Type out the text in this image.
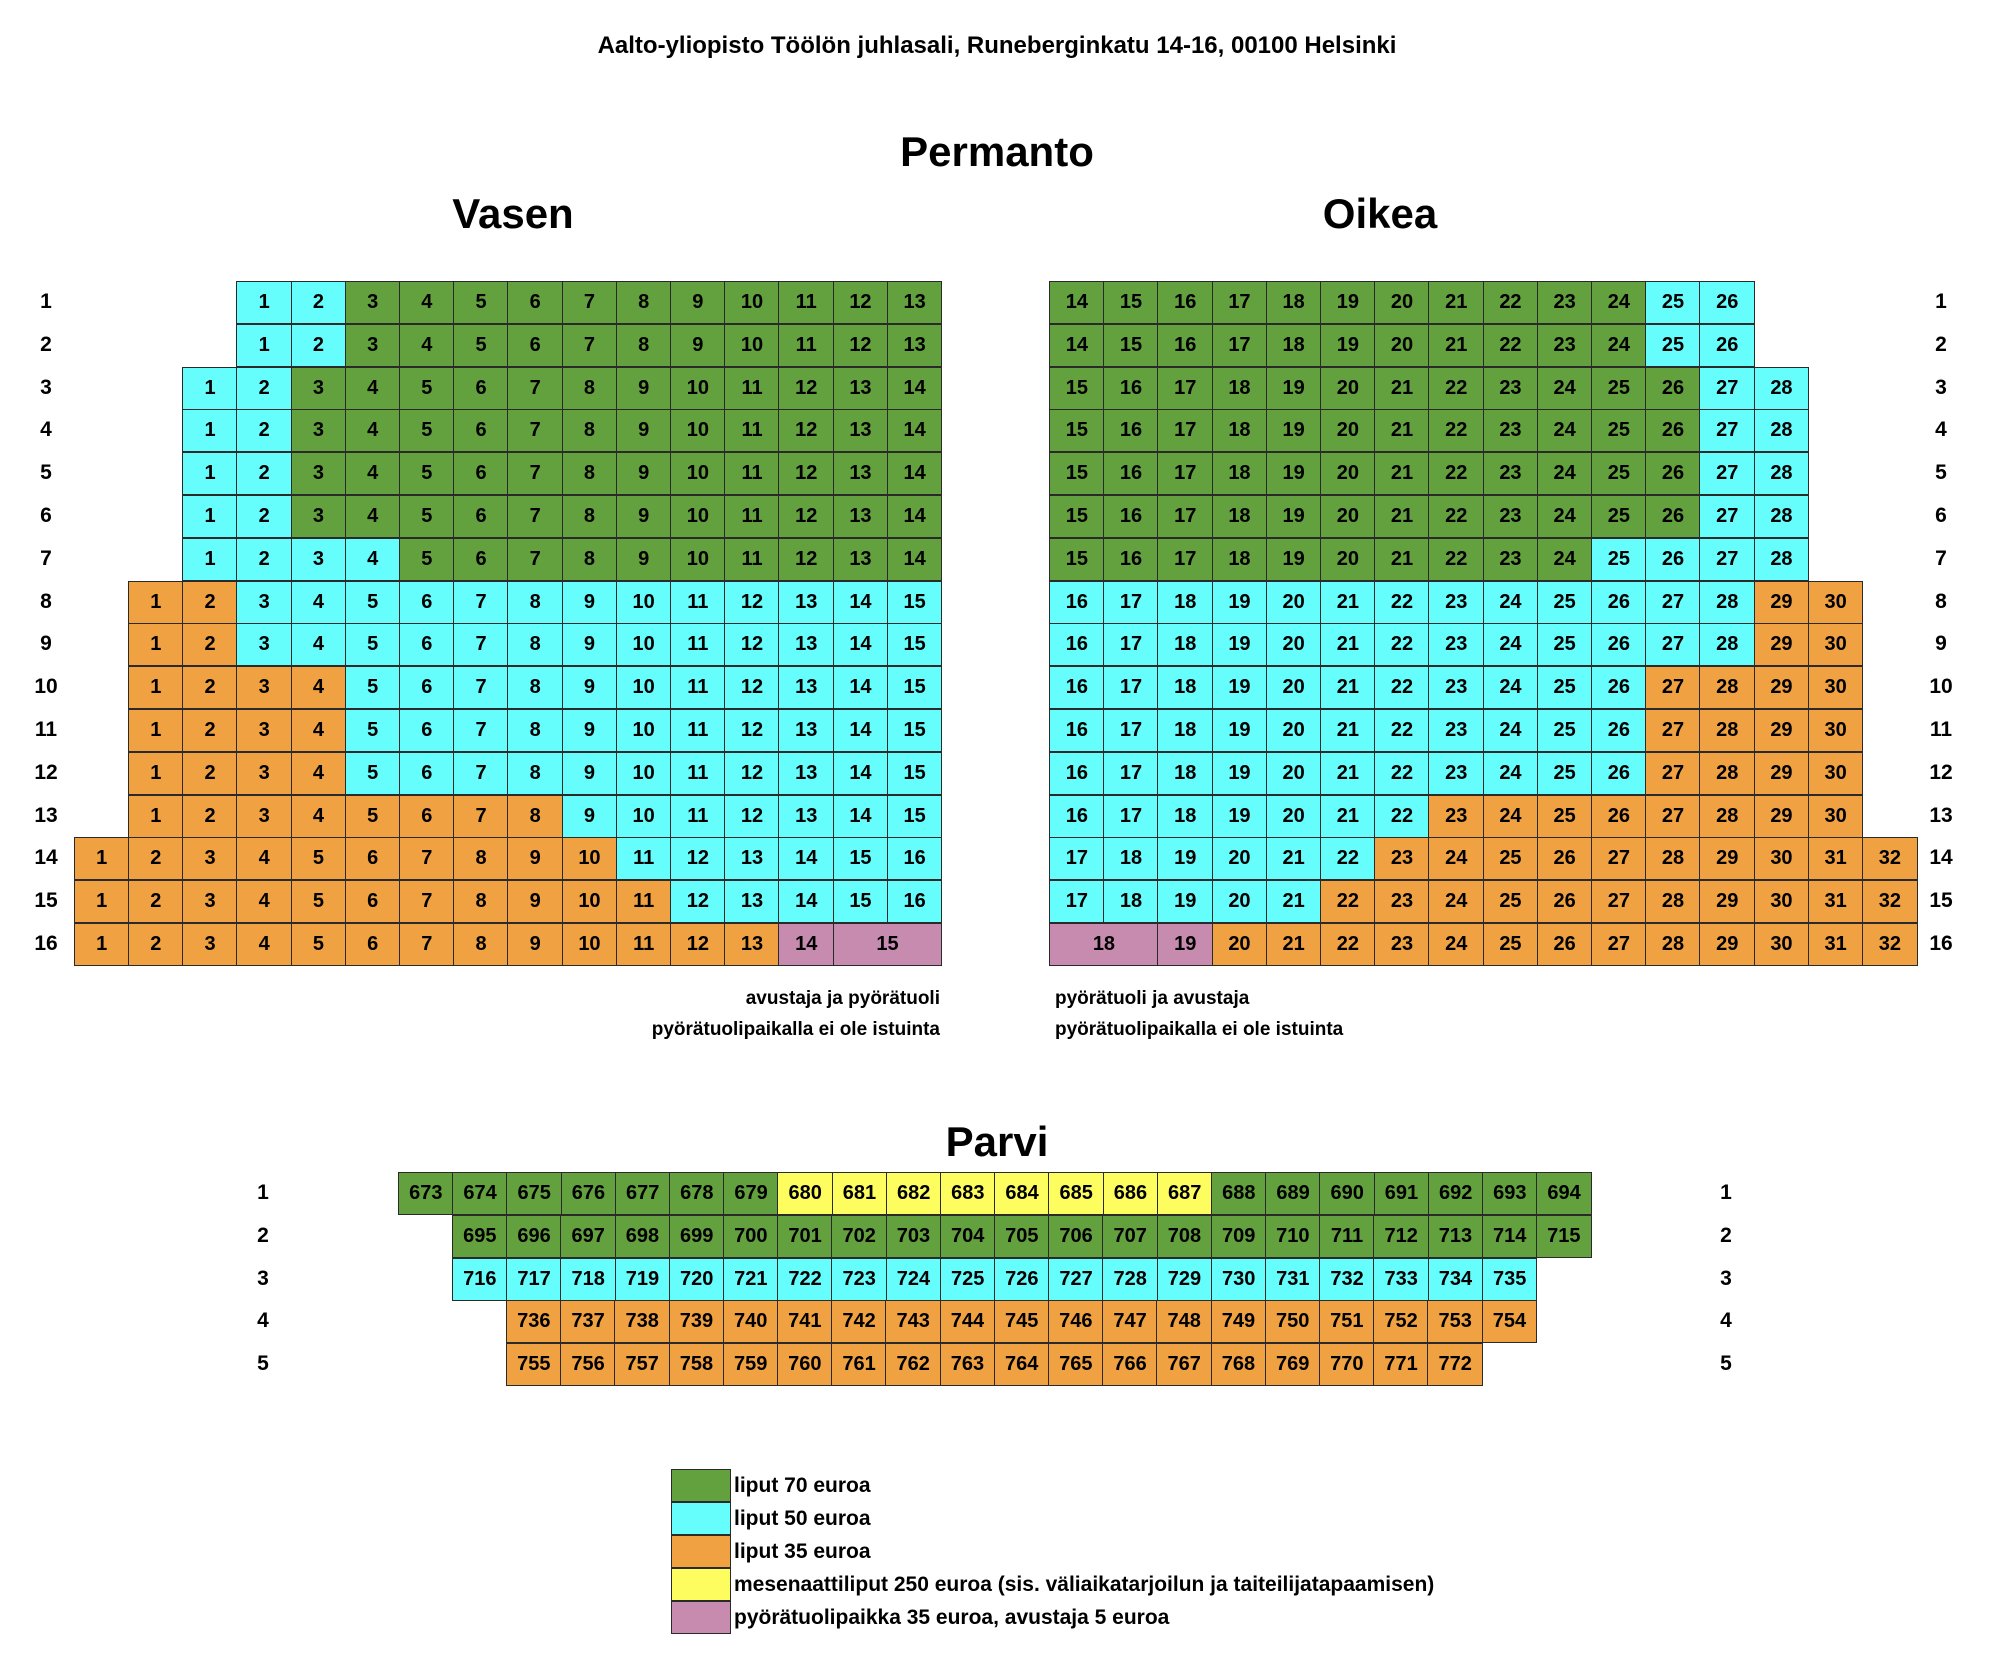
Aalto-yliopisto Töölön juhlasali, Runeberginkatu 14-16, 00100 Helsinki
Permanto
Vasen	Oikea
1	2	3	4	5	6	7	8	9	10	11	12	13
1
1	2	3	4	5	6	7	8	9	10	11	12	13
2
1	2	3	4	5	6	7	8	9	10	11	12	13	14
3
1	2	3	4	5	6	7	8	9	10	11	12	13	14
4
1	2	3	4	5	6	7	8	9	10	11	12	13	14
5
1	2	3	4	5	6	7	8	9	10	11	12	13	14
6
1	2	3	4	5	6	7	8	9	10	11	12	13	14
7
1	2	3	4	5	6	7	8	9	10	11	12	13	14	15
8
1	2	3	4	5	6	7	8	9	10	11	12	13	14	15
9
1	2	3	4	5	6	7	8	9	10	11	12	13	14	15
10
1	2	3	4	5	6	7	8	9	10	11	12	13	14	15
11
1	2	3	4	5	6	7	8	9	10	11	12	13	14	15
12
1	2	3	4	5	6	7	8	9	10	11	12	13	14	15
13
1	2	3	4	5	6	7	8	9	10	11	12	13	14	15	16
14
1	2	3	4	5	6	7	8	9	10	11	12	13	14	15	16
15
1	2	3	4	5	6	7	8	9	10	11	12	13	14	15
16
14	15	16	17	18	19	20	21	22	23	24	25	26	1
14	15	16	17	18	19	20	21	22	23	24	25	26	2
15	16	17	18	19	20	21	22	23	24	25	26	27	28	3
15	16	17	18	19	20	21	22	23	24	25	26	27	28	4
15	16	17	18	19	20	21	22	23	24	25	26	27	28	5
15	16	17	18	19	20	21	22	23	24	25	26	27	28	6
15	16	17	18	19	20	21	22	23	24	25	26	27	28	7
16	17	18	19	20	21	22	23	24	25	26	27	28	29	30	8
16	17	18	19	20	21	22	23	24	25	26	27	28	29	30	9
16	17	18	19	20	21	22	23	24	25	26	27	28	29	30	10
16	17	18	19	20	21	22	23	24	25	26	27	28	29	30	11
16	17	18	19	20	21	22	23	24	25	26	27	28	29	30	12
16	17	18	19	20	21	22	23	24	25	26	27	28	29	30	13
17	18	19	20	21	22	23	24	25	26	27	28	29	30	31	32	14
17	18	19	20	21	22	23	24	25	26	27	28	29	30	31	32	15
18	19	20	21	22	23	24	25	26	27	28	29	30	31	32	16
avustaja ja pyörätuoli
pyörätuolipaikalla ei ole istuinta
pyörätuoli ja avustaja
pyörätuolipaikalla ei ole istuinta
Parvi
673	674	675	676	677	678	679	680	681	682	683	684	685	686	687	688	689	690	691	692	693	694
1	1
695	696	697	698	699	700	701	702	703	704	705	706	707	708	709	710	711	712	713	714	715
2	2
716	717	718	719	720	721	722	723	724	725	726	727	728	729	730	731	732	733	734	735
3	3
736	737	738	739	740	741	742	743	744	745	746	747	748	749	750	751	752	753	754
4	4
755	756	757	758	759	760	761	762	763	764	765	766	767	768	769	770	771	772
5	5
liput 70 euroa
liput 50 euroa
liput 35 euroa
mesenaattiliput 250 euroa (sis. väliaikatarjoilun ja taiteilijatapaamisen)
pyörätuolipaikka 35 euroa, avustaja 5 euroa
